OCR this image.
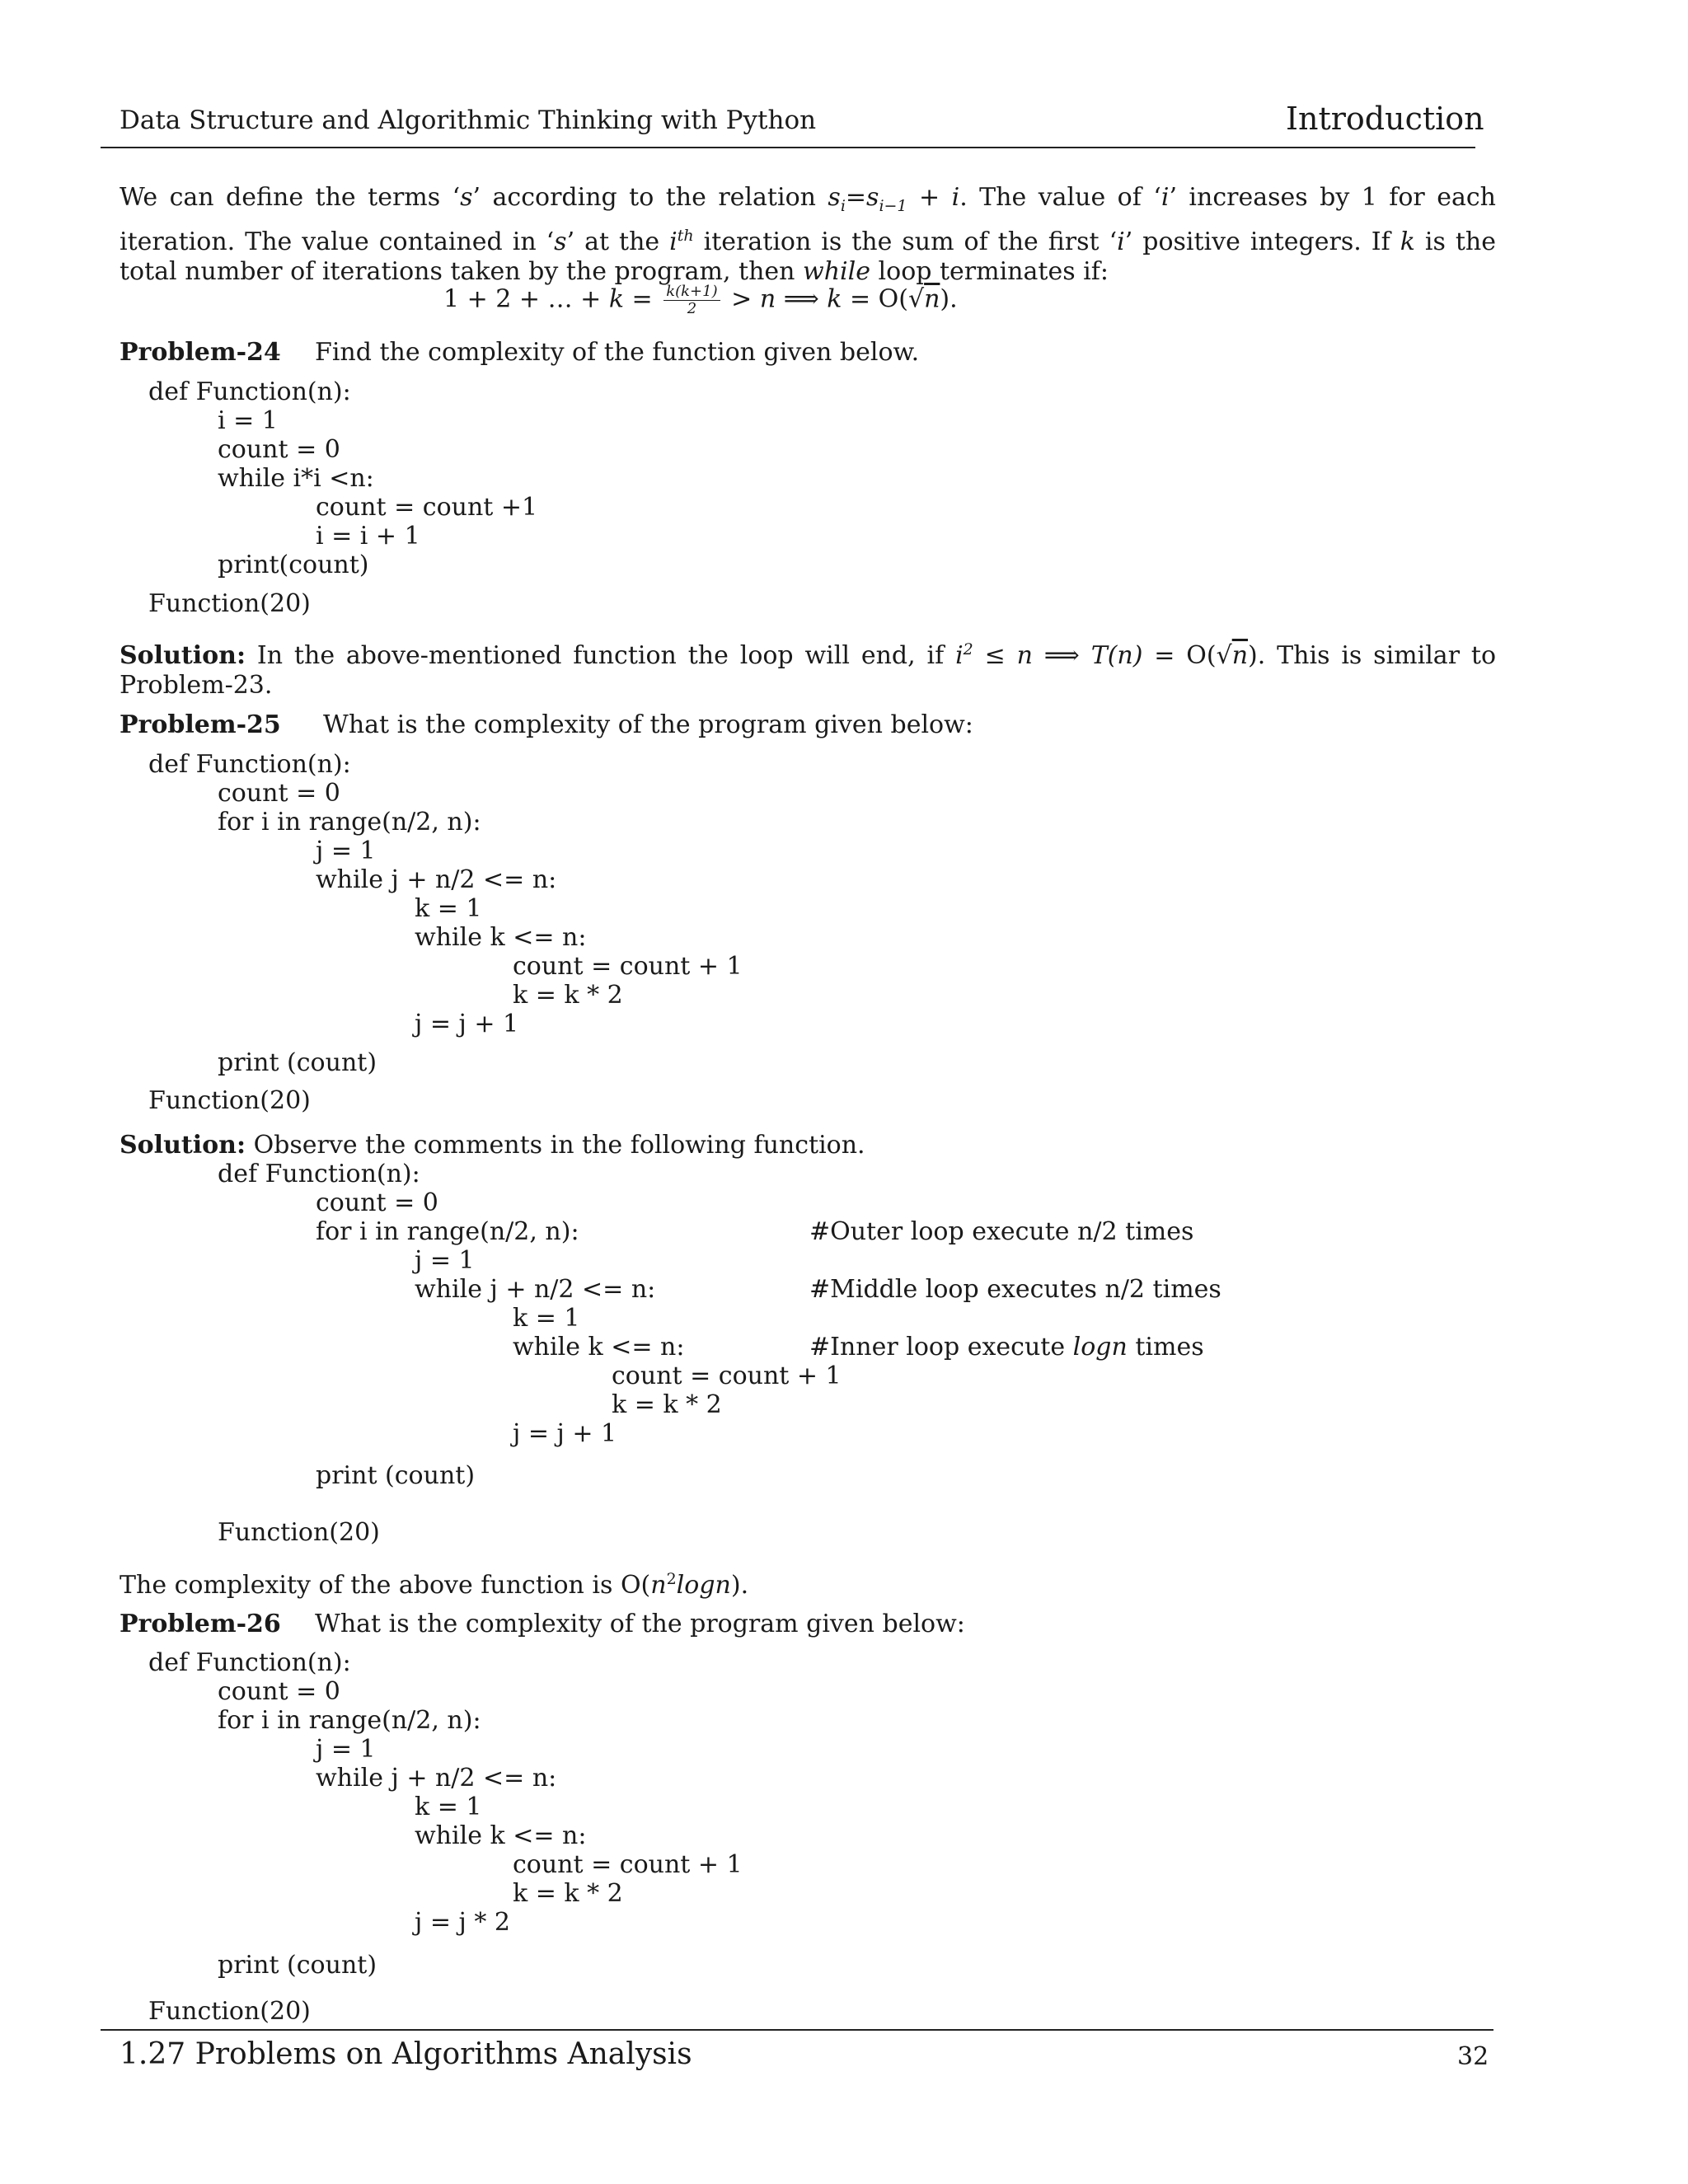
Data Structure and Algorithmic Thinking with Python	Introduction
We can define the terms ‘s’ according to the relation $s_i=s_{i-1} + i$. The value of ‘i’ increases by 1 for each iteration. The value contained in ‘s’ at the $i^{th}$ iteration is the sum of the first ‘i’ positive integers. If k is the total number of iterations taken by the program, then while loop terminates if:
1 + 2 + … + $k = \frac{k(k+1)}{2} > n$ ⟹ k = O(√n).
Problem-24 Find the complexity of the function given below.
def Function(n):
i = 1
count = 0
while i*i <n:
count = count +1
i = i + 1
print(count)
Function(20)
Solution: In the above-mentioned function the loop will end, if $i^2 \le n$ ⟹ T(n) = O(√n). This is similar to Problem-23.
Problem-25 What is the complexity of the program given below:
def Function(n):
count = 0
for i in range(n/2, n):
j = 1
while j + n/2 <= n:
k = 1
while k <= n:
count = count + 1
k = k * 2
j = j + 1
print (count)
Function(20)
Solution: Observe the comments in the following function.
def Function(n):
count = 0
for i in range(n/2, n):	#Outer loop execute n/2 times
j = 1
while j + n/2 <= n:	#Middle loop executes n/2 times
k = 1
while k <= n:	#Inner loop execute logn times
count = count + 1
k = k * 2
j = j + 1
print (count)
Function(20)
The complexity of the above function is $O(n^2\log n)$.
Problem-26 What is the complexity of the program given below:
def Function(n):
count = 0
for i in range(n/2, n):
j = 1
while j + n/2 <= n:
k = 1
while k <= n:
count = count + 1
k = k * 2
j = j * 2
print (count)
Function(20)
1.27 Problems on Algorithms Analysis	32
